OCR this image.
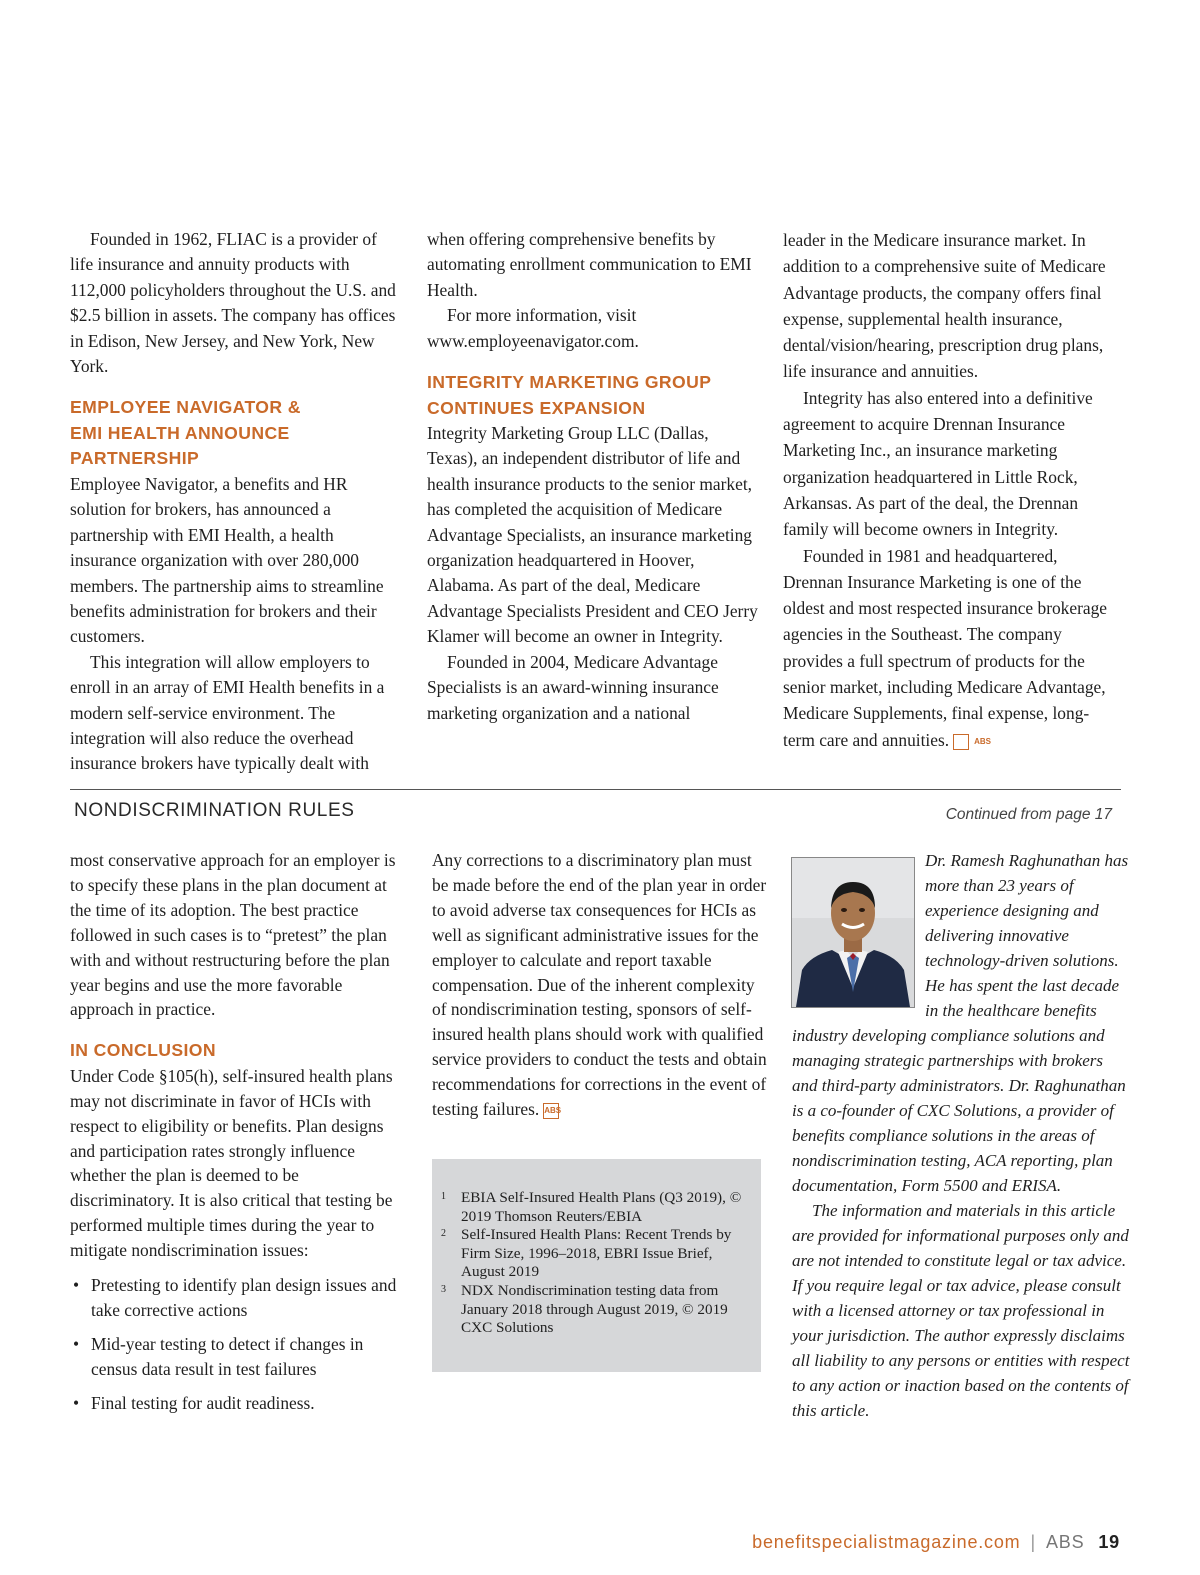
Founded in 1962, FLIAC is a provider of life insurance and annuity products with 112,000 policyholders throughout the U.S. and $2.5 billion in assets. The company has offices in Edison, New Jersey, and New York, New York.

EMPLOYEE NAVIGATOR &
EMI HEALTH ANNOUNCE
PARTNERSHIP

Employee Navigator, a benefits and HR solution for brokers, has announced a partnership with EMI Health, a health insurance organization with over 280,000 members. The partnership aims to streamline benefits administration for brokers and their customers.

This integration will allow employers to enroll in an array of EMI Health benefits in a modern self-service environment. The integration will also reduce the overhead insurance brokers have typically dealt with

when offering comprehensive benefits by automating enrollment communication to EMI Health.

For more information, visit www.employeenavigator.com.

INTEGRITY MARKETING GROUP
CONTINUES EXPANSION

Integrity Marketing Group LLC (Dallas, Texas), an independent distributor of life and health insurance products to the senior market, has completed the acquisition of Medicare Advantage Specialists, an insurance marketing organization headquartered in Hoover, Alabama. As part of the deal, Medicare Advantage Specialists President and CEO Jerry Klamer will become an owner in Integrity.

Founded in 2004, Medicare Advantage Specialists is an award-winning insurance marketing organization and a national

leader in the Medicare insurance market. In addition to a comprehensive suite of Medicare Advantage products, the company offers final expense, supplemental health insurance, dental/vision/hearing, prescription drug plans, life insurance and annuities.

Integrity has also entered into a definitive agreement to acquire Drennan Insurance Marketing Inc., an insurance marketing organization headquartered in Little Rock, Arkansas. As part of the deal, the Drennan family will become owners in Integrity.

Founded in 1981 and headquartered, Drennan Insurance Marketing is one of the oldest and most respected insurance brokerage agencies in the Southeast. The company provides a full spectrum of products for the senior market, including Medicare Advantage, Medicare Supplements, final expense, long-term care and annuities.	ABS

NONDISCRIMINATION RULES	Continued from page 17

most conservative approach for an employer is to specify these plans in the plan document at the time of its adoption. The best practice followed in such cases is to “pretest” the plan with and without restructuring before the plan year begins and use the more favorable approach in practice.

IN CONCLUSION

Under Code §105(h), self-insured health plans may not discriminate in favor of HCIs with respect to eligibility or benefits. Plan designs and participation rates strongly influence whether the plan is deemed to be discriminatory. It is also critical that testing be performed multiple times during the year to mitigate nondiscrimination issues:

• Pretesting to identify plan design issues and take corrective actions
• Mid-year testing to detect if changes in census data result in test failures
• Final testing for audit readiness.

Any corrections to a discriminatory plan must be made before the end of the plan year in order to avoid adverse tax consequences for HCIs as well as significant administrative issues for the employer to calculate and report taxable compensation. Due of the inherent complexity of nondiscrimination testing, sponsors of self-insured health plans should work with qualified service providers to conduct the tests and obtain recommendations for corrections in the event of testing failures. ABS

1 EBIA Self-Insured Health Plans (Q3 2019), © 2019 Thomson Reuters/EBIA
2 Self-Insured Health Plans: Recent Trends by Firm Size, 1996–2018, EBRI Issue Brief, August 2019
3 NDX Nondiscrimination testing data from January 2018 through August 2019, © 2019 CXC Solutions

Dr. Ramesh Raghunathan has more than 23 years of experience designing and delivering innovative technology-driven solutions. He has spent the last decade in the healthcare benefits industry developing compliance solutions and managing strategic partnerships with brokers and third-party administrators. Dr. Raghunathan is a co-founder of CXC Solutions, a provider of benefits compliance solutions in the areas of nondiscrimination testing, ACA reporting, plan documentation, Form 5500 and ERISA.

The information and materials in this article are provided for informational purposes only and are not intended to constitute legal or tax advice. If you require legal or tax advice, please consult with a licensed attorney or tax professional in your jurisdiction. The author expressly disclaims all liability to any persons or entities with respect to any action or inaction based on the contents of this article.

benefitspecialistmagazine.com | ABS 19
